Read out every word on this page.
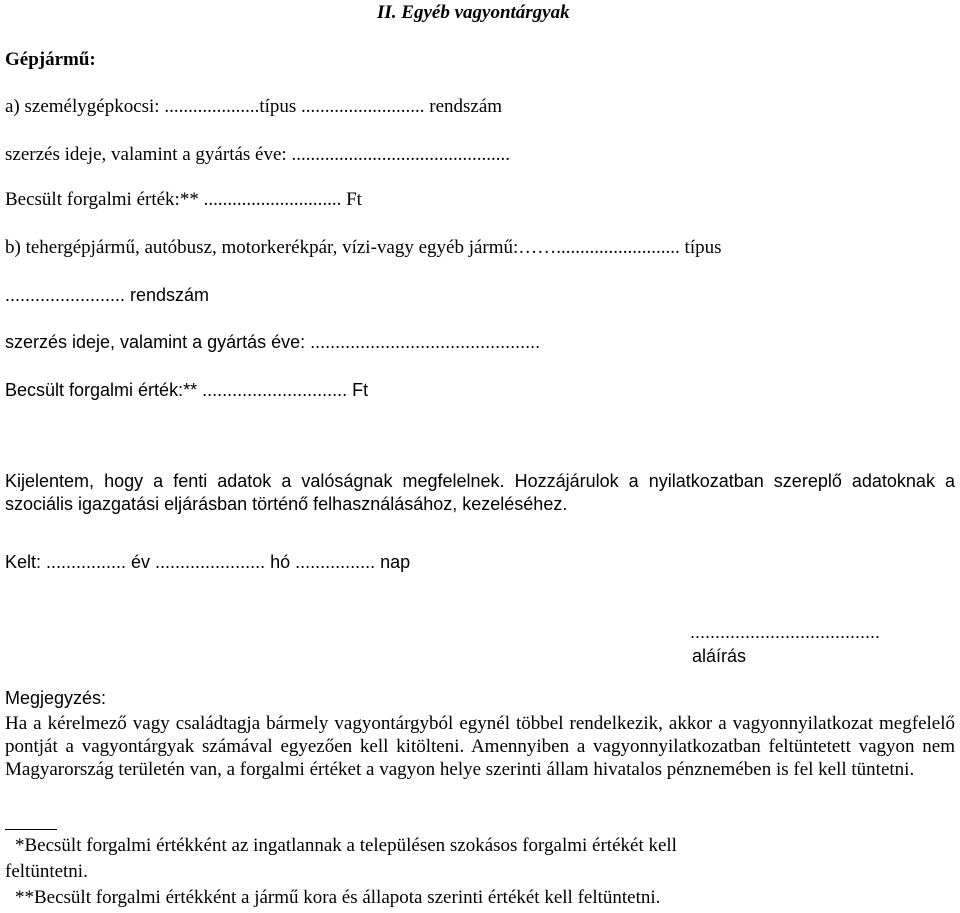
II. Egyéb vagyontárgyak
Gépjármű:
a) személygépkocsi: ....................típus .......................... rendszám
szerzés ideje, valamint a gyártás éve: ..............................................
Becsült forgalmi érték:** ............................. Ft
b) tehergépjármű, autóbusz, motorkerékpár, vízi-vagy egyéb jármű:…….......................... típus
........................ rendszám
szerzés ideje, valamint a gyártás éve: ..............................................
Becsült forgalmi érték:** ............................. Ft
Kijelentem, hogy a fenti adatok a valóságnak megfelelnek. Hozzájárulok a nyilatkozatban szereplő adatoknak a szociális igazgatási eljárásban történő felhasználásához, kezeléséhez.
Kelt: ................ év ...................... hó ................ nap
......................................
aláírás
Megjegyzés:
Ha a kérelmező vagy családtagja bármely vagyontárgyból egynél többel rendelkezik, akkor a vagyonnyilatkozat megfelelő pontját a vagyontárgyak számával egyezően kell kitölteni. Amennyiben a vagyonnyilatkozatban feltüntetett vagyon nem Magyarország területén van, a forgalmi értéket a vagyon helye szerinti állam hivatalos pénznemében is fel kell tüntetni.
*Becsült forgalmi értékként az ingatlannak a településen szokásos forgalmi értékét kell
feltüntetni.
**Becsült forgalmi értékként a jármű kora és állapota szerinti értékét kell feltüntetni.
